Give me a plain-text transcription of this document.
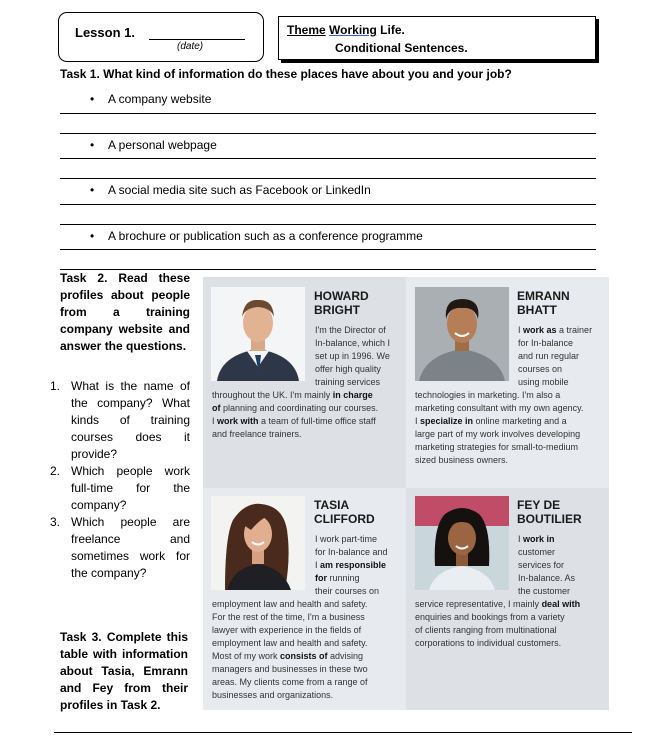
Lesson 1.
(date)
Theme Working Life.
Conditional Sentences.
Task 1. What kind of information do these places have about you and your job?
• A company website
• A personal webpage
• A social media site such as Facebook or LinkedIn
• A brochure or publication such as a conference programme
Task 2. Read these profiles about people from a training company website and answer the questions.
1. What is the name of the company? What kinds of training courses does it provide?
2. Which people work full-time for the company?
3. Which people are freelance and sometimes work for the company?
Task 3. Complete this table with information about Tasia, Emrann and Fey from their profiles in Task 2.
HOWARD
BRIGHT
I'm the Director of
In-balance, which I
set up in 1996. We
offer high quality
training services
throughout the UK. I'm mainly in charge
of planning and coordinating our courses.
I work with a team of full-time office staff
and freelance trainers.
EMRANN
BHATT
I work as a trainer
for In-balance
and run regular
courses on
using mobile
technologies in marketing. I'm also a
marketing consultant with my own agency.
I specialize in online marketing and a
large part of my work involves developing
marketing strategies for small-to-medium
sized business owners.
TASIA
CLIFFORD
I work part-time
for In-balance and
I am responsible
for running
their courses on
employment law and health and safety.
For the rest of the time, I'm a business
lawyer with experience in the fields of
employment law and health and safety.
Most of my work consists of advising
managers and businesses in these two
areas. My clients come from a range of
businesses and organizations.
FEY DE
BOUTILIER
I work in
customer
services for
In-balance. As
the customer
service representative, I mainly deal with
enquiries and bookings from a variety
of clients ranging from multinational
corporations to individual customers.
